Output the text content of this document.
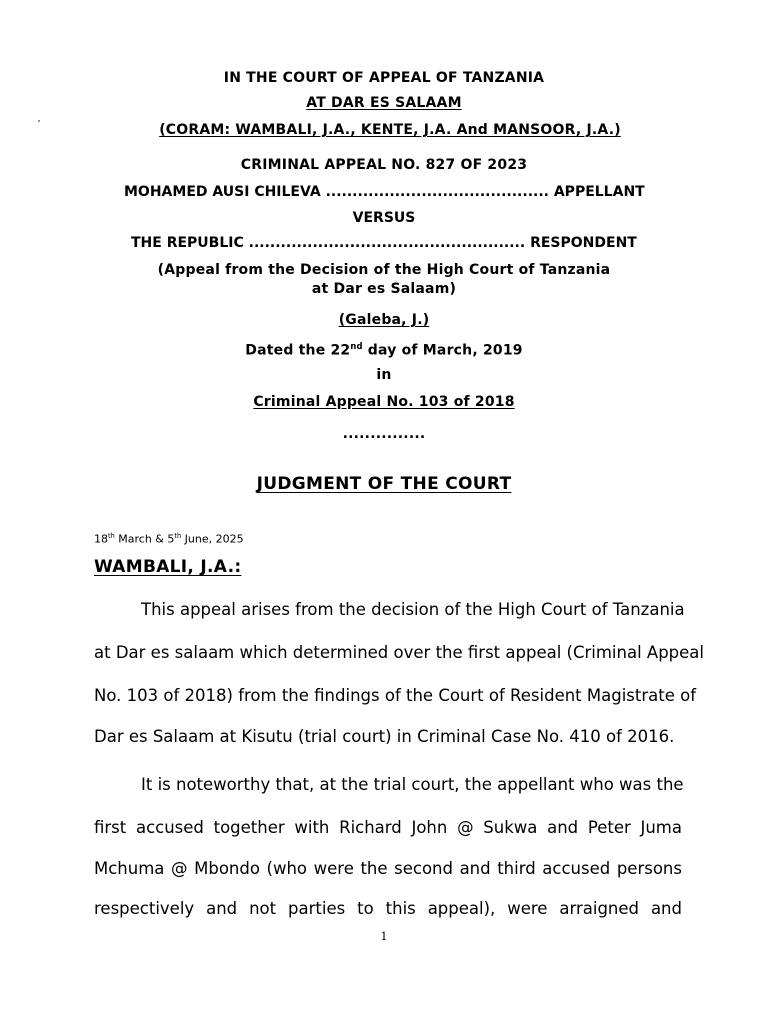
IN THE COURT OF APPEAL OF TANZANIA
AT DAR ES SALAAM
(CORAM: WAMBALI, J.A., KENTE, J.A. And MANSOOR, J.A.)
CRIMINAL APPEAL NO. 827 OF 2023
MOHAMED AUSI CHILEVA .......................................... APPELLANT
VERSUS
THE REPUBLIC .................................................... RESPONDENT
(Appeal from the Decision of the High Court of Tanzania
at Dar es Salaam)
(Galeba, J.)
Dated the 22nd day of March, 2019
in
Criminal Appeal No. 103 of 2018
...............
JUDGMENT OF THE COURT
18th March & 5th June, 2025
WAMBALI, J.A.:
This appeal arises from the decision of the High Court of Tanzania
at Dar es salaam which determined over the first appeal (Criminal Appeal
No. 103 of 2018) from the findings of the Court of Resident Magistrate of
Dar es Salaam at Kisutu (trial court) in Criminal Case No. 410 of 2016.
It is noteworthy that, at the trial court, the appellant who was the
first accused together with Richard John @ Sukwa and Peter Juma
Mchuma @ Mbondo (who were the second and third accused persons
respectively and not parties to this appeal), were arraigned and
1
